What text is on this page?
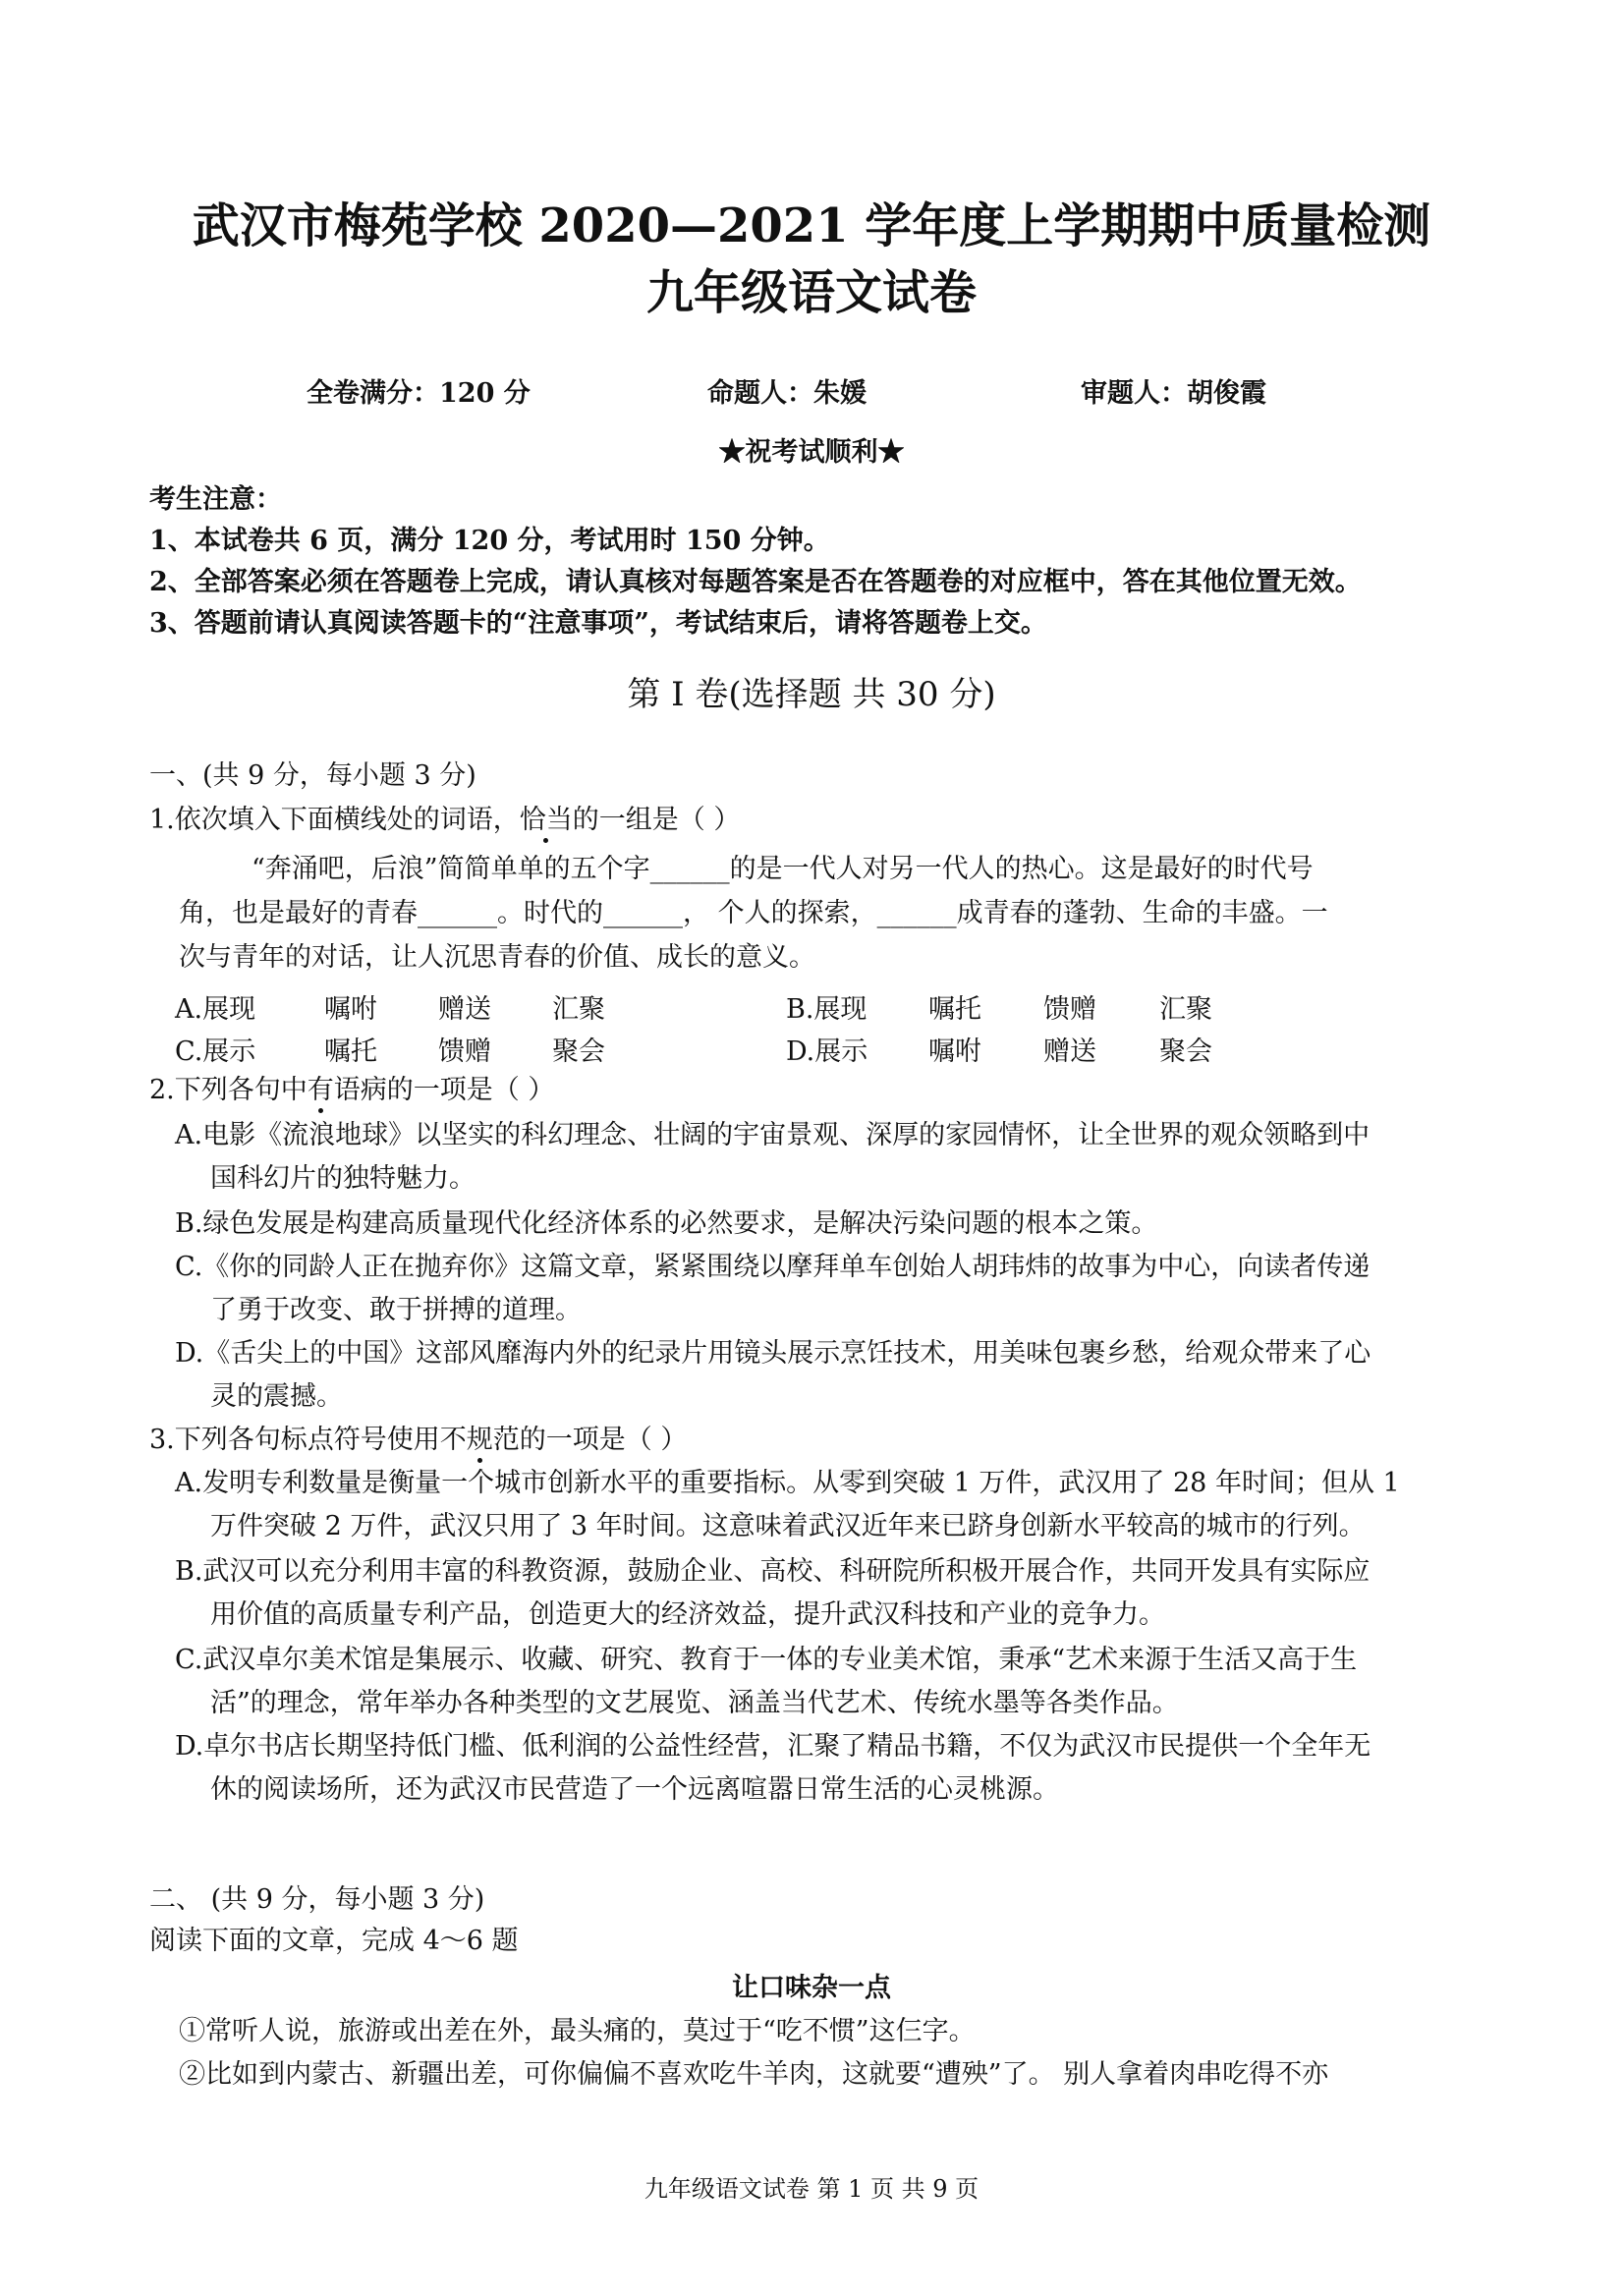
武汉市梅苑学校 2020—2021 学年度上学期期中质量检测
九年级语文试卷
全卷满分：120 分	命题人：朱媛	审题人：胡俊霞
★祝考试顺利★
考生注意：
1、本试卷共 6 页，满分 120 分，考试用时 150 分钟。
2、全部答案必须在答题卷上完成，请认真核对每题答案是否在答题卷的对应框中，答在其他位置无效。
3、答题前请认真阅读答题卡的“注意事项”，考试结束后，请将答题卷上交。
第 I 卷(选择题 共 30 分)
一、(共 9 分，每小题 3 分)
1.依次填入下面横线处的词语，恰当的一组是（ ）
“奔涌吧，后浪”简简单单的五个字______的是一代人对另一代人的热心。这是最好的时代号
角，也是最好的青春______。时代的______， 个人的探索，______成青春的蓬勃、生命的丰盛。一
次与青年的对话，让人沉思青春的价值、成长的意义。
A.展现	嘱咐 赠送 汇聚	B.展现 嘱托 馈赠 汇聚
C.展示	嘱托 馈赠 聚会	D.展示 嘱咐 赠送 聚会
2.下列各句中有语病的一项是（ ）
A.电影《流浪地球》以坚实的科幻理念、壮阔的宇宙景观、深厚的家园情怀，让全世界的观众领略到中
国科幻片的独特魅力。
B.绿色发展是构建高质量现代化经济体系的必然要求，是解决污染问题的根本之策。
C.《你的同龄人正在抛弃你》这篇文章，紧紧围绕以摩拜单车创始人胡玮炜的故事为中心，向读者传递
了勇于改变、敢于拼搏的道理。
D.《舌尖上的中国》这部风靡海内外的纪录片用镜头展示烹饪技术，用美味包裹乡愁，给观众带来了心
灵的震撼。
3.下列各句标点符号使用不规范的一项是（ ）
A.发明专利数量是衡量一个城市创新水平的重要指标。从零到突破 1 万件，武汉用了 28 年时间；但从 1
万件突破 2 万件，武汉只用了 3 年时间。这意味着武汉近年来已跻身创新水平较高的城市的行列。
B.武汉可以充分利用丰富的科教资源，鼓励企业、高校、科研院所积极开展合作，共同开发具有实际应
用价值的高质量专利产品，创造更大的经济效益，提升武汉科技和产业的竞争力。
C.武汉卓尔美术馆是集展示、收藏、研究、教育于一体的专业美术馆，秉承“艺术来源于生活又高于生
活”的理念，常年举办各种类型的文艺展览、涵盖当代艺术、传统水墨等各类作品。
D.卓尔书店长期坚持低门槛、低利润的公益性经营，汇聚了精品书籍，不仅为武汉市民提供一个全年无
休的阅读场所，还为武汉市民营造了一个远离喧嚣日常生活的心灵桃源。
二、 (共 9 分，每小题 3 分)
阅读下面的文章，完成 4～6 题
让口味杂一点
①常听人说，旅游或出差在外，最头痛的，莫过于“吃不惯”这仨字。
②比如到内蒙古、新疆出差，可你偏偏不喜欢吃牛羊肉，这就要“遭殃”了。 别人拿着肉串吃得不亦
九年级语文试卷 第 1 页 共 9 页
